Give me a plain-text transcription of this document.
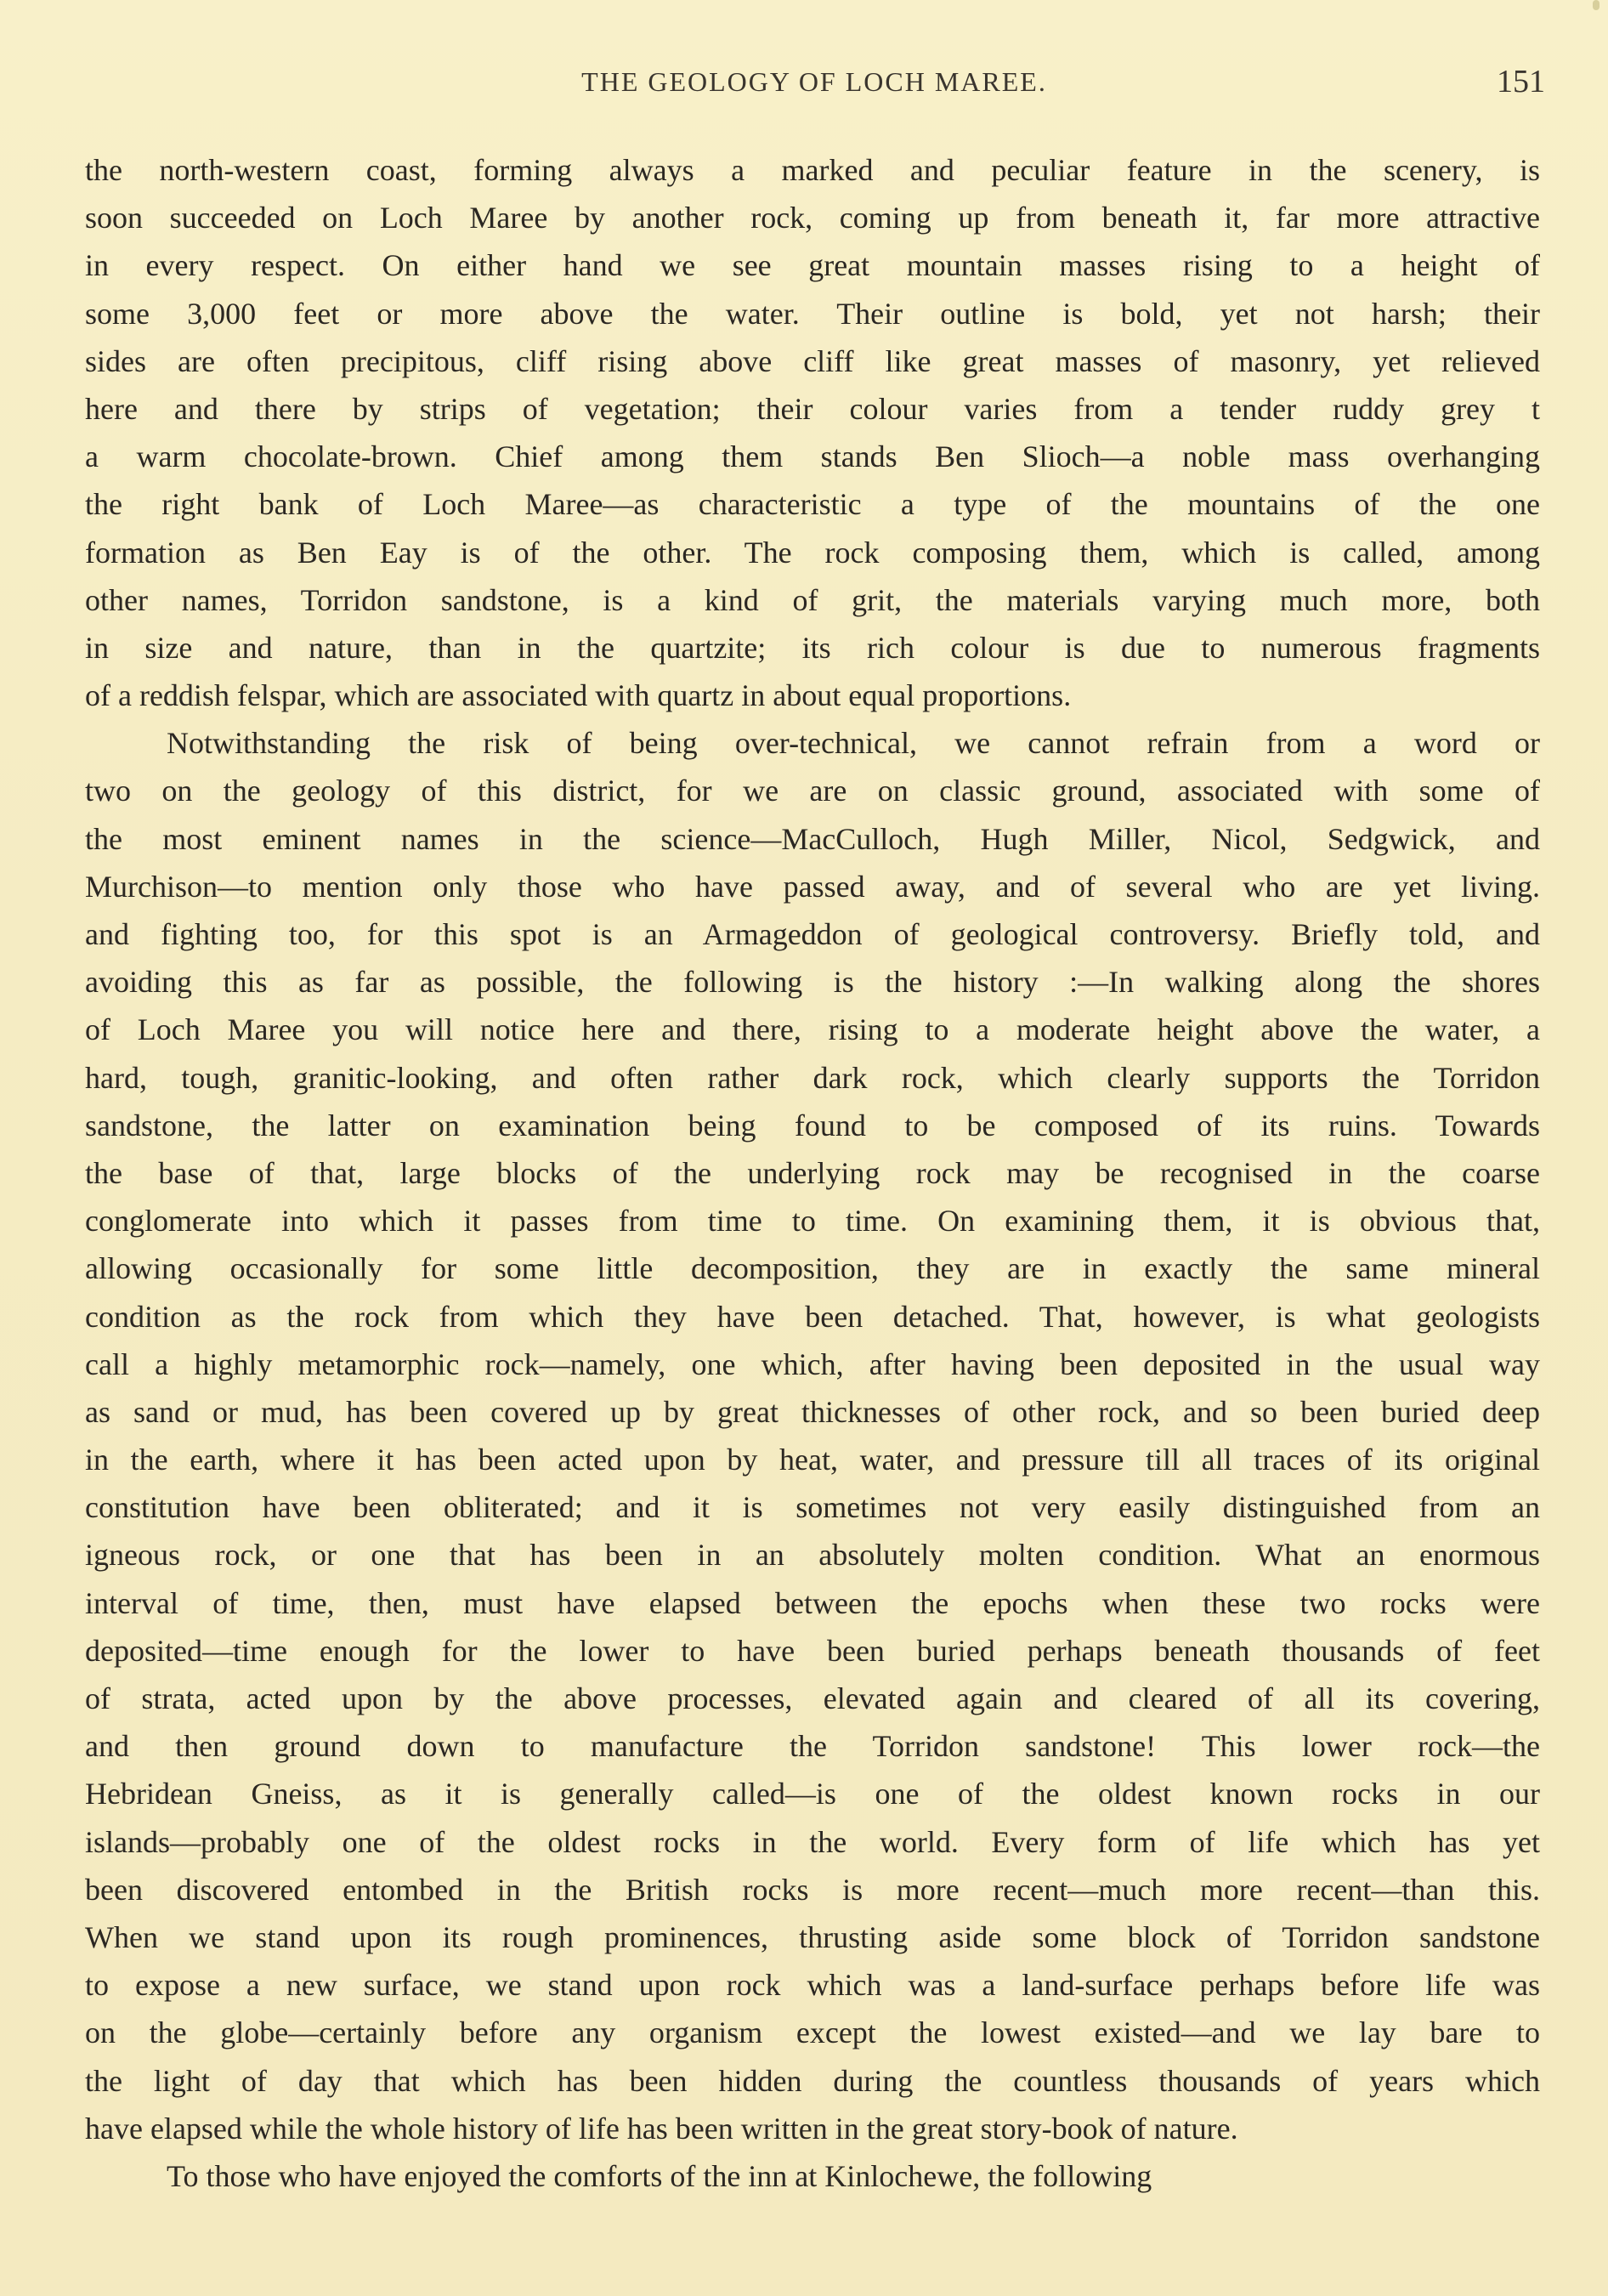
THE GEOLOGY OF LOCH MAREE.	151
the north-western coast, forming always a marked and peculiar feature in the scenery, is
soon succeeded on Loch Maree by another rock, coming up from beneath it, far more attractive
in every respect. On either hand we see great mountain masses rising to a height of
some 3,000 feet or more above the water. Their outline is bold, yet not harsh; their
sides are often precipitous, cliff rising above cliff like great masses of masonry, yet relieved
here and there by strips of vegetation; their colour varies from a tender ruddy grey t
a warm chocolate-brown. Chief among them stands Ben Slioch—a noble mass overhanging
the right bank of Loch Maree—as characteristic a type of the mountains of the one
formation as Ben Eay is of the other. The rock composing them, which is called, among
other names, Torridon sandstone, is a kind of grit, the materials varying much more, both
in size and nature, than in the quartzite; its rich colour is due to numerous fragments
of a reddish felspar, which are associated with quartz in about equal proportions.
Notwithstanding the risk of being over-technical, we cannot refrain from a word or
two on the geology of this district, for we are on classic ground, associated with some of
the most eminent names in the science—MacCulloch, Hugh Miller, Nicol, Sedgwick, and
Murchison—to mention only those who have passed away, and of several who are yet living.
and fighting too, for this spot is an Armageddon of geological controversy. Briefly told, and
avoiding this as far as possible, the following is the history :—In walking along the shores
of Loch Maree you will notice here and there, rising to a moderate height above the water, a
hard, tough, granitic-looking, and often rather dark rock, which clearly supports the Torridon
sandstone, the latter on examination being found to be composed of its ruins. Towards
the base of that, large blocks of the underlying rock may be recognised in the coarse
conglomerate into which it passes from time to time. On examining them, it is obvious that,
allowing occasionally for some little decomposition, they are in exactly the same mineral
condition as the rock from which they have been detached. That, however, is what geologists
call a highly metamorphic rock—namely, one which, after having been deposited in the usual way
as sand or mud, has been covered up by great thicknesses of other rock, and so been buried deep
in the earth, where it has been acted upon by heat, water, and pressure till all traces of its original
constitution have been obliterated; and it is sometimes not very easily distinguished from an
igneous rock, or one that has been in an absolutely molten condition. What an enormous
interval of time, then, must have elapsed between the epochs when these two rocks were
deposited—time enough for the lower to have been buried perhaps beneath thousands of feet
of strata, acted upon by the above processes, elevated again and cleared of all its covering,
and then ground down to manufacture the Torridon sandstone! This lower rock—the
Hebridean Gneiss, as it is generally called—is one of the oldest known rocks in our
islands—probably one of the oldest rocks in the world. Every form of life which has yet
been discovered entombed in the British rocks is more recent—much more recent—than this.
When we stand upon its rough prominences, thrusting aside some block of Torridon sandstone
to expose a new surface, we stand upon rock which was a land-surface perhaps before life was
on the globe—certainly before any organism except the lowest existed—and we lay bare to
the light of day that which has been hidden during the countless thousands of years which
have elapsed while the whole history of life has been written in the great story-book of nature.
To those who have enjoyed the comforts of the inn at Kinlochewe, the following
